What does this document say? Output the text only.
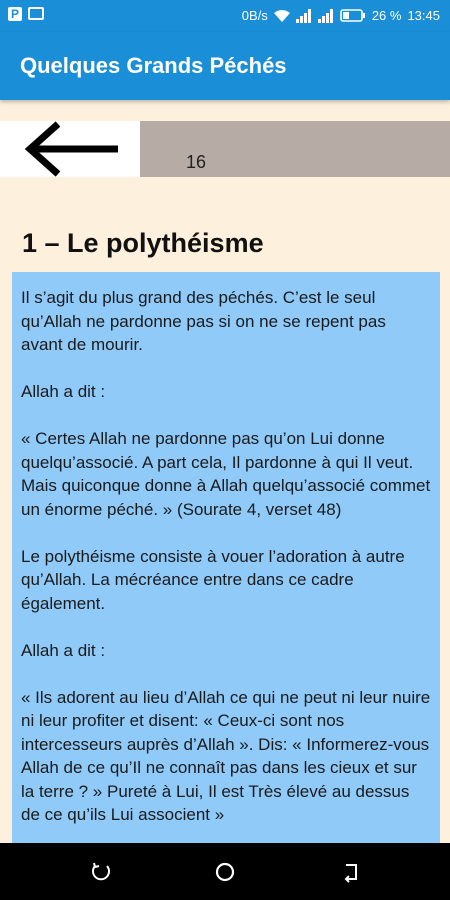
P	0B/s	26 % 13:45
Quelques Grands Péchés
16
1 – Le polythéisme

Il s’agit du plus grand des péchés. C’est le seul qu’Allah ne pardonne pas si on ne se repent pas avant de mourir.

Allah a dit :

« Certes Allah ne pardonne pas qu’on Lui donne quelqu’associé. A part cela, Il pardonne à qui Il veut. Mais quiconque donne à Allah quelqu’associé commet un énorme péché. » (Sourate 4, verset 48)

Le polythéisme consiste à vouer l’adoration à autre qu’Allah. La mécréance entre dans ce cadre également.

Allah a dit :

« Ils adorent au lieu d’Allah ce qui ne peut ni leur nuire ni leur profiter et disent: « Ceux-ci sont nos intercesseurs auprès d’Allah ». Dis: « Informerez-vous Allah de ce qu’Il ne connaît pas dans les cieux et sur la terre ? » Pureté à Lui, Il est Très élevé au dessus de ce qu’ils Lui associent »
